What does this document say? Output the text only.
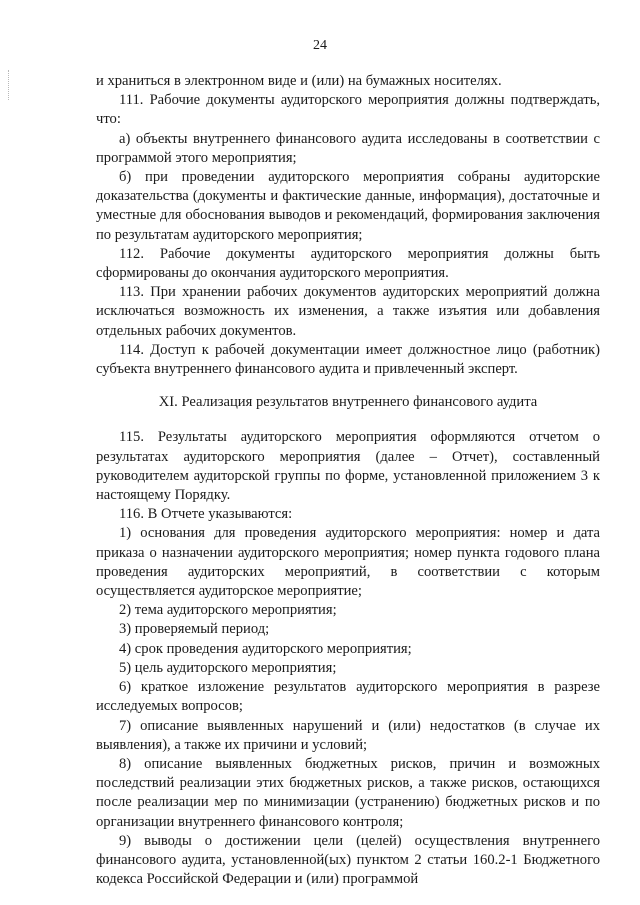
24

и храниться в электронном виде и (или) на бумажных носителях.

111. Рабочие документы аудиторского мероприятия должны подтверждать, что:

а) объекты внутреннего финансового аудита исследованы в соответствии с программой этого мероприятия;

б) при проведении аудиторского мероприятия собраны аудиторские доказательства (документы и фактические данные, информация), достаточные и уместные для обоснования выводов и рекомендаций, формирования заключения по результатам аудиторского мероприятия;

112. Рабочие документы аудиторского мероприятия должны быть сформированы до окончания аудиторского мероприятия.

113. При хранении рабочих документов аудиторских мероприятий должна исключаться возможность их изменения, а также изъятия или добавления отдельных рабочих документов.

114. Доступ к рабочей документации имеет должностное лицо (работник) субъекта внутреннего финансового аудита и привлеченный эксперт.

XI. Реализация результатов внутреннего финансового аудита

115. Результаты аудиторского мероприятия оформляются отчетом о результатах аудиторского мероприятия (далее – Отчет), составленный руководителем аудиторской группы по форме, установленной приложением 3 к настоящему Порядку.

116. В Отчете указываются:

1) основания для проведения аудиторского мероприятия: номер и дата приказа о назначении аудиторского мероприятия; номер пункта годового плана проведения аудиторских мероприятий, в соответствии с которым осуществляется аудиторское мероприятие;

2) тема аудиторского мероприятия;

3) проверяемый период;

4) срок проведения аудиторского мероприятия;

5) цель аудиторского мероприятия;

6) краткое изложение результатов аудиторского мероприятия в разрезе исследуемых вопросов;

7) описание выявленных нарушений и (или) недостатков (в случае их выявления), а также их причини и условий;

8) описание выявленных бюджетных рисков, причин и возможных последствий реализации этих бюджетных рисков, а также рисков, остающихся после реализации мер по минимизации (устранению) бюджетных рисков и по организации внутреннего финансового контроля;

9) выводы о достижении цели (целей) осуществления внутреннего финансового аудита, установленной(ых) пунктом 2 статьи 160.2-1 Бюджетного кодекса Российской Федерации и (или) программой
